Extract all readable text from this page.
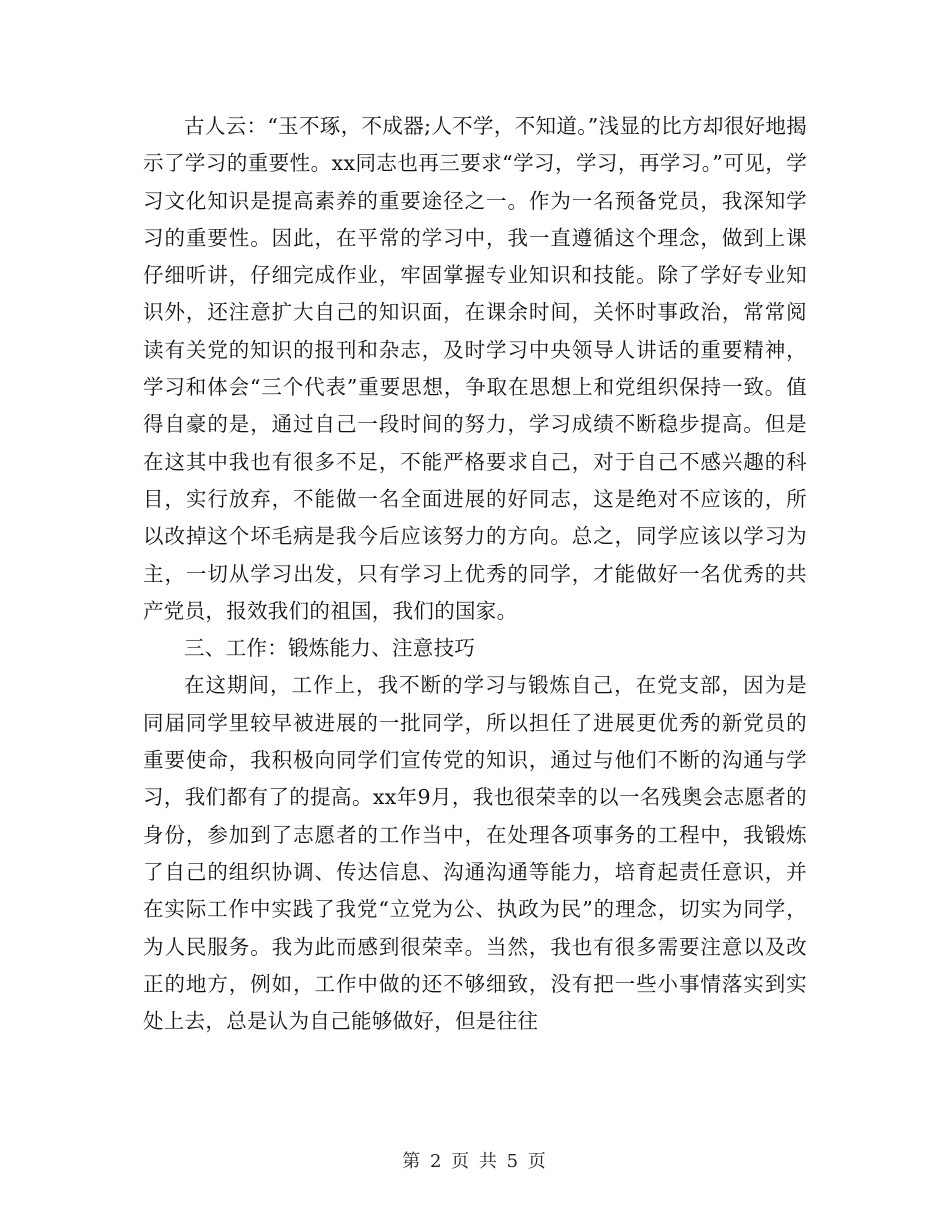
古人云：“玉不琢，不成器;人不学，不知道。”浅显的比方却很好地揭示了学习的重要性。xx同志也再三要求“学习，学习，再学习。”可见，学习文化知识是提高素养的重要途径之一。作为一名预备党员，我深知学习的重要性。因此，在平常的学习中，我一直遵循这个理念，做到上课仔细听讲，仔细完成作业，牢固掌握专业知识和技能。除了学好专业知识外，还注意扩大自己的知识面，在课余时间，关怀时事政治，常常阅读有关党的知识的报刊和杂志，及时学习中央领导人讲话的重要精神，学习和体会“三个代表”重要思想，争取在思想上和党组织保持一致。值得自豪的是，通过自己一段时间的努力，学习成绩不断稳步提高。但是在这其中我也有很多不足，不能严格要求自己，对于自己不感兴趣的科目，实行放弃，不能做一名全面进展的好同志，这是绝对不应该的，所以改掉这个坏毛病是我今后应该努力的方向。总之，同学应该以学习为主，一切从学习出发，只有学习上优秀的同学，才能做好一名优秀的共产党员，报效我们的祖国，我们的国家。

三、工作：锻炼能力、注意技巧

在这期间，工作上，我不断的学习与锻炼自己，在党支部，因为是同届同学里较早被进展的一批同学，所以担任了进展更优秀的新党员的重要使命，我积极向同学们宣传党的知识，通过与他们不断的沟通与学习，我们都有了的提高。xx年9月，我也很荣幸的以一名残奥会志愿者的身份，参加到了志愿者的工作当中，在处理各项事务的工程中，我锻炼了自己的组织协调、传达信息、沟通沟通等能力，培育起责任意识，并在实际工作中实践了我党“立党为公、执政为民”的理念，切实为同学，为人民服务。我为此而感到很荣幸。当然，我也有很多需要注意以及改正的地方，例如，工作中做的还不够细致，没有把一些小事情落实到实处上去，总是认为自己能够做好，但是往往

第 2 页 共 5 页
